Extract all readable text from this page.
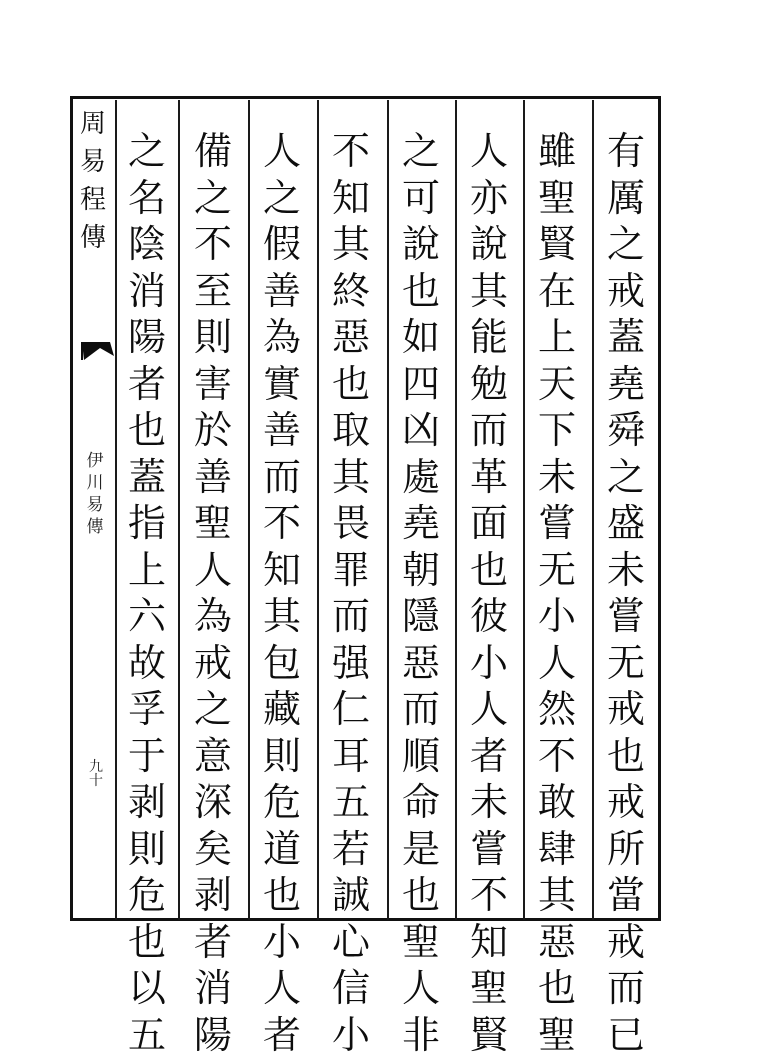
周
易
程
傳
伊
川
易
傳
九
十
有
厲
之
戒
蓋
堯
舜
之
盛
未
嘗
无
戒
也
戒
所
當
戒
而
已
雖
聖
賢
在
上
天
下
未
嘗
无
小
人
然
不
敢
肆
其
惡
也
聖
人
亦
說
其
能
勉
而
革
面
也
彼
小
人
者
未
嘗
不
知
聖
賢
之
可
說
也
如
四
凶
處
堯
朝
隱
惡
而
順
命
是
也
聖
人
非
不
知
其
終
惡
也
取
其
畏
罪
而
强
仁
耳
五
若
誠
心
信
小
人
之
假
善
為
實
善
而
不
知
其
包
藏
則
危
道
也
小
人
者
備
之
不
至
則
害
於
善
聖
人
為
戒
之
意
深
矣
剥
者
消
陽
之
名
陰
消
陽
者
也
蓋
指
上
六
故
孚
于
剥
則
危
也
以
五
